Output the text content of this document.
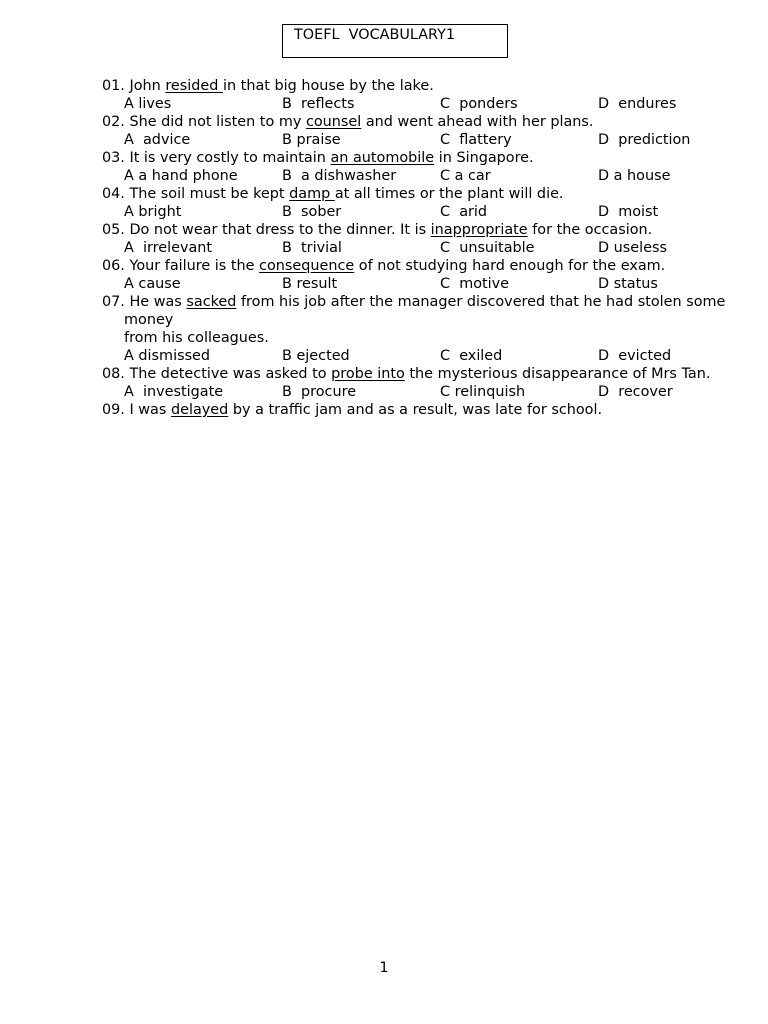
TOEFL  VOCABULARY1
01. John resided in that big house by the lake.
A lives	B  reflects	C  ponders	D  endures
02. She did not listen to my counsel and went ahead with her plans.
A  advice	B praise	C  flattery	D  prediction
03. It is very costly to maintain an automobile in Singapore.
A a hand phone	B  a dishwasher	C a car	D a house
04. The soil must be kept damp at all times or the plant will die.
A bright	B  sober	C  arid	D  moist
05. Do not wear that dress to the dinner. It is inappropriate for the occasion.
A  irrelevant	B  trivial	C  unsuitable	D useless
06. Your failure is the consequence of not studying hard enough for the exam.
A cause	B result	C  motive	D status
07. He was sacked from his job after the manager discovered that he had stolen some
money
from his colleagues.
A dismissed	B ejected	C  exiled	D  evicted
08. The detective was asked to probe into the mysterious disappearance of Mrs Tan.
A  investigate	B  procure	C relinquish	D  recover
09. I was delayed by a traffic jam and as a result, was late for school.
1
